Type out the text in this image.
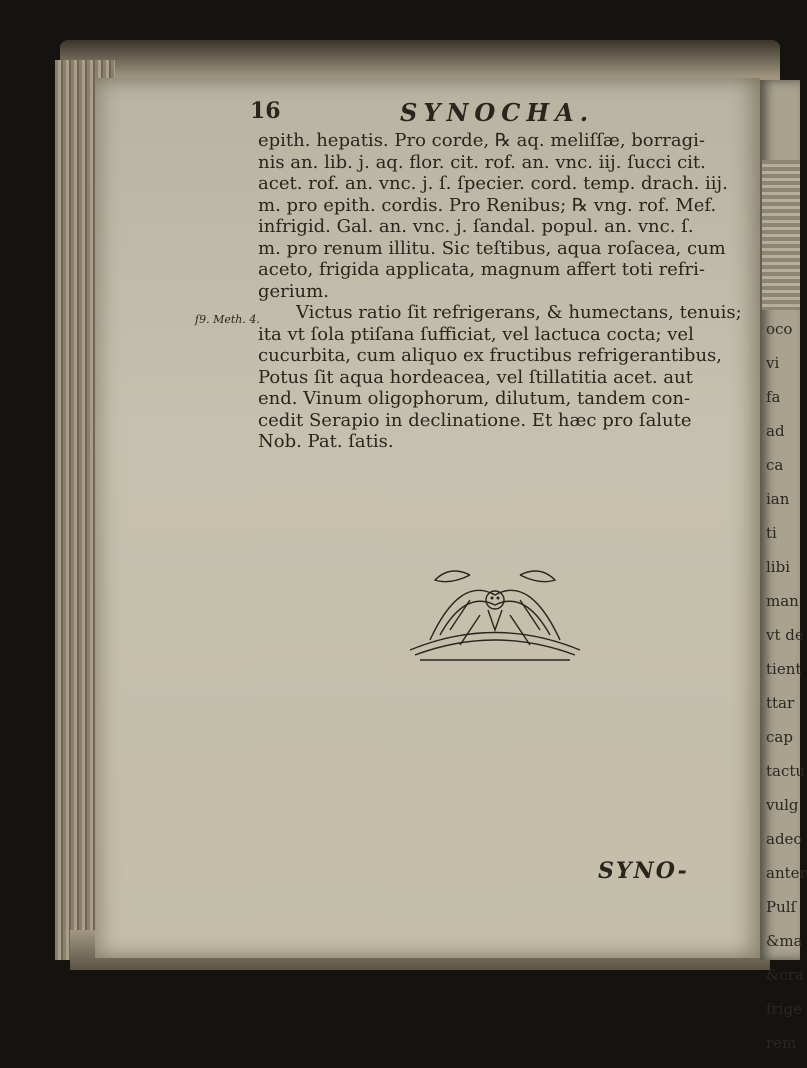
oco
vi
fa
ad
ca
ian
ti
libi
man
vt de
tient
ttar
cap
tactu
vulg
adeo
anter
Pulſ
&ma
&cra
frige
rem
16	SYNOCHA.
epith. hepatis. Pro corde, ℞ aq. meliſſæ, borragi-
nis an. lib. j. aq. flor. cit. rof. an. vnc. iij. ſucci cit.
acet. rof. an. vnc. j. ſ. ſpecier. cord. temp. drach. iij.
m. pro epith. cordis. Pro Renibus; ℞ vng. rof. Mef.
infrigid. Gal. an. vnc. j. ſandal. popul. an. vnc. ſ.
m. pro renum illitu. Sic teſtibus, aqua roſacea, cum
aceto, frigida applicata, magnum affert toti refri-
gerium.
Victus ratio ſit refrigerans, & humectans, tenuis;
ita vt ſola ptiſana ſufficiat, vel lactuca cocta; vel
cucurbita, cum aliquo ex fructibus refrigerantibus,
Potus ſit aqua hordeacea, vel ſtillatitia acet. aut
end. Vinum oligophorum, dilutum, tandem con-
cedit Serapio in declinatione. Et hæc pro ſalute
Nob. Pat. ſatis.
ſ9. Meth. 4.
SYNO-
